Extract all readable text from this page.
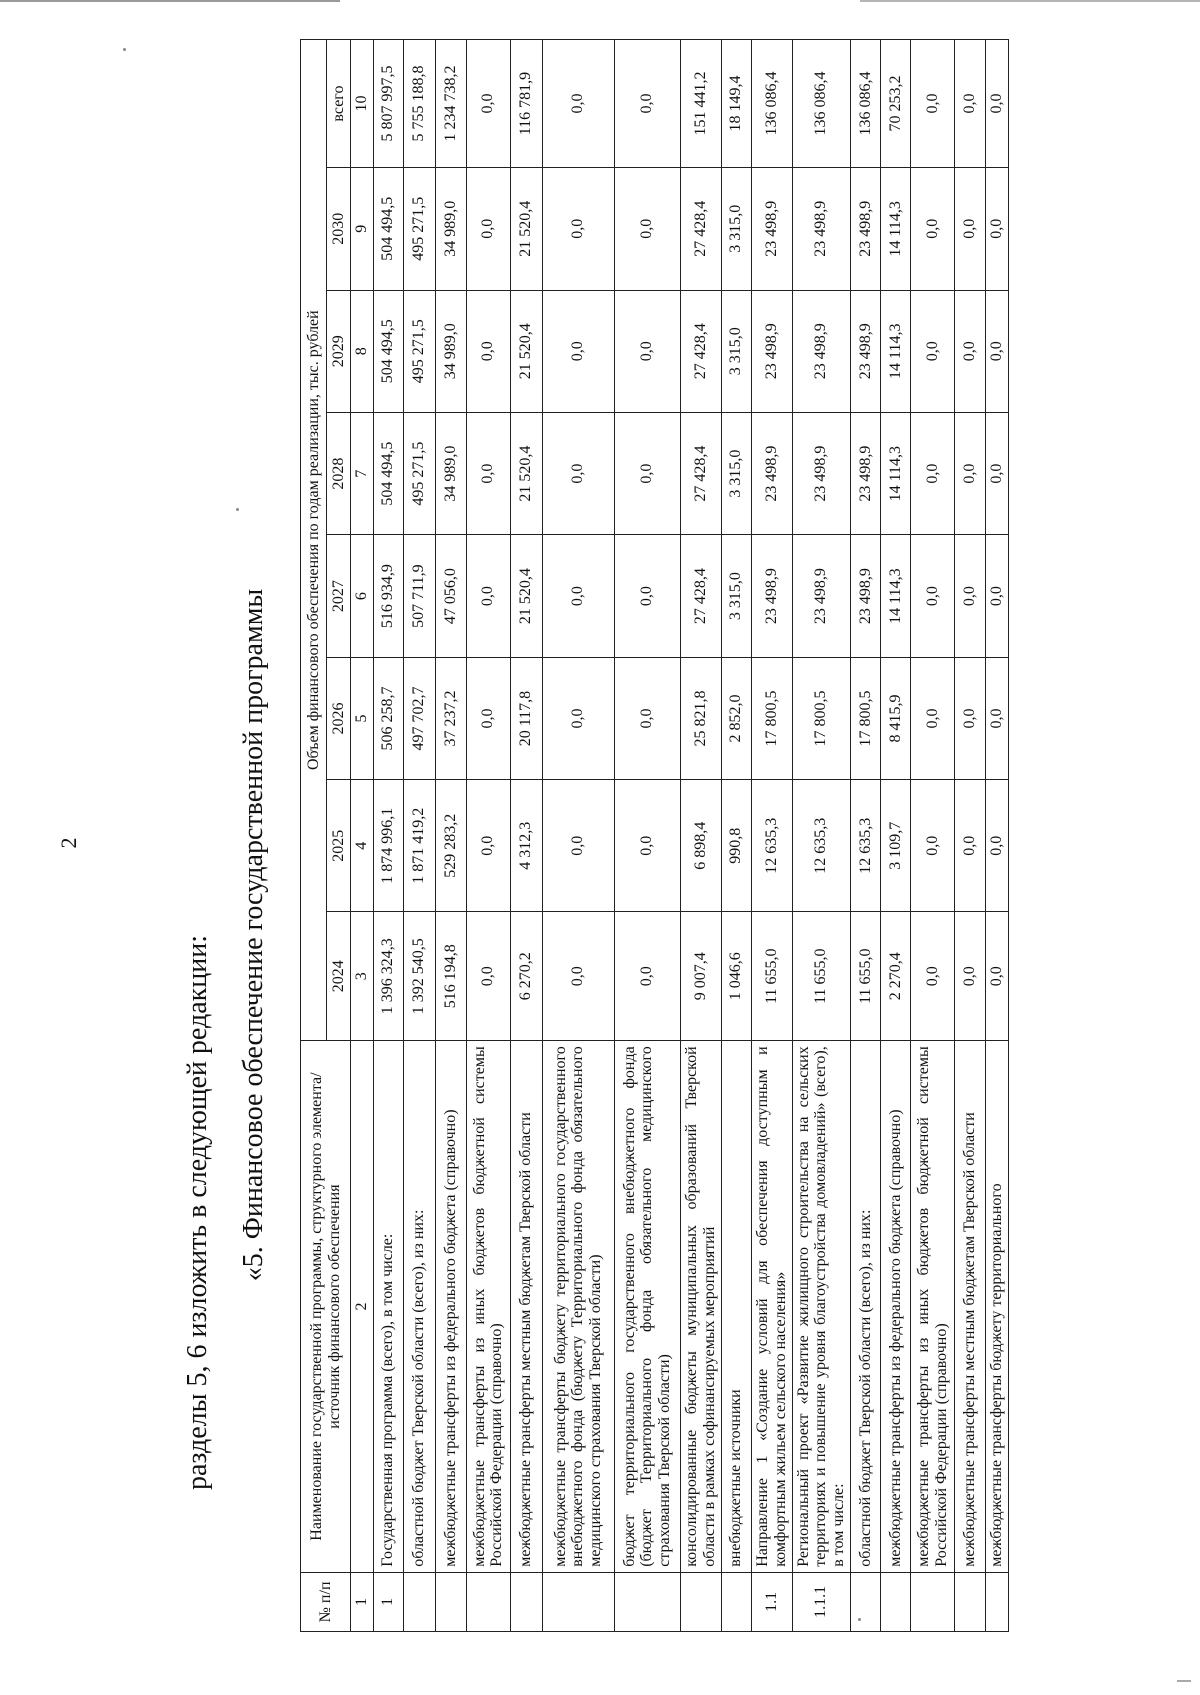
2
разделы 5, 6 изложить в следующей редакции: «5. Финансовое обеспечение государственной программы
№ п/п	Наименование государственной программы, структурного элемента/источник финансового обеспечения	Объем финансового обеспечения по годам реализации, тыс. рублей							
		2024	2025	2026	2027	2028	2029	2030	всего
1	2	3	4	5	6	7	8	9	10
1	Государственная программа (всего), в том числе:	1 396 324,3	1 874 996,1	506 258,7	516 934,9	504 494,5	504 494,5	504 494,5	5 807 997,5
	областной бюджет Тверской области (всего), из них:	1 392 540,5	1 871 419,2	497 702,7	507 711,9	495 271,5	495 271,5	495 271,5	5 755 188,8
	межбюджетные трансферты из федерального бюджета (справочно)	516 194,8	529 283,2	37 237,2	47 056,0	34 989,0	34 989,0	34 989,0	1 234 738,2
	межбюджетные трансферты из иных бюджетов бюджетной системы Российской Федерации (справочно)	0,0	0,0	0,0	0,0	0,0	0,0	0,0	0,0
	межбюджетные трансферты местным бюджетам Тверской области	6 270,2	4 312,3	20 117,8	21 520,4	21 520,4	21 520,4	21 520,4	116 781,9
	межбюджетные трансферты бюджету территориального государственного внебюджетного фонда (бюджету Территориального фонда обязательного медицинского страхования Тверской области)	0,0	0,0	0,0	0,0	0,0	0,0	0,0	0,0
	бюджет территориального государственного внебюджетного фонда (бюджет Территориального фонда обязательного медицинского страхования Тверской области)	0,0	0,0	0,0	0,0	0,0	0,0	0,0	0,0
	консолидированные бюджеты муниципальных образований Тверской области в рамках софинансируемых мероприятий	9 007,4	6 898,4	25 821,8	27 428,4	27 428,4	27 428,4	27 428,4	151 441,2
	внебюджетные источники	1 046,6	990,8	2 852,0	3 315,0	3 315,0	3 315,0	3 315,0	18 149,4
1.1	Направление 1 «Создание условий для обеспечения доступным и комфортным жильем сельского населения»	11 655,0	12 635,3	17 800,5	23 498,9	23 498,9	23 498,9	23 498,9	136 086,4
1.1.1	Региональный проект «Развитие жилищного строительства на сельских территориях и повышение уровня благоустройства домовладений» (всего), в том числе:	11 655,0	12 635,3	17 800,5	23 498,9	23 498,9	23 498,9	23 498,9	136 086,4
	областной бюджет Тверской области (всего), из них:	11 655,0	12 635,3	17 800,5	23 498,9	23 498,9	23 498,9	23 498,9	136 086,4
	межбюджетные трансферты из федерального бюджета (справочно)	2 270,4	3 109,7	8 415,9	14 114,3	14 114,3	14 114,3	14 114,3	70 253,2
	межбюджетные трансферты из иных бюджетов бюджетной системы Российской Федерации (справочно)	0,0	0,0	0,0	0,0	0,0	0,0	0,0	0,0
	межбюджетные трансферты местным бюджетам Тверской области	0,0	0,0	0,0	0,0	0,0	0,0	0,0	0,0
	межбюджетные трансферты бюджету территориального	0,0	0,0	0,0	0,0	0,0	0,0	0,0	0,0
